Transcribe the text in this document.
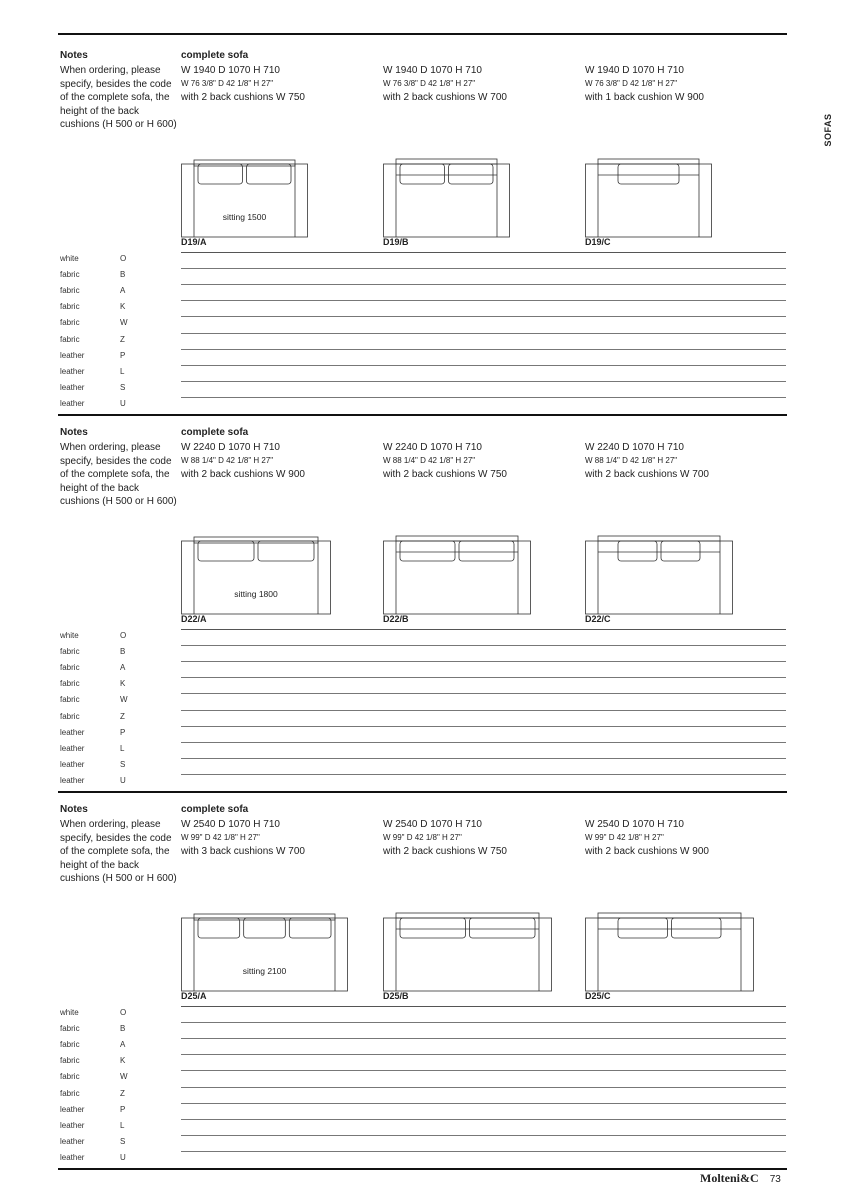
SOFAS
Notes
When ordering, please specify, besides the code of the complete sofa, the height of the back cushions (H 500 or H 600)
complete sofa
W 1940 D 1070 H 710
W 76 3/8" D 42 1/8" H 27"
with 2 back cushions W 750
sitting 1500
D19/A
W 1940 D 1070 H 710
W 76 3/8" D 42 1/8" H 27"
with 2 back cushions W 700
D19/B
W 1940 D 1070 H 710
W 76 3/8" D 42 1/8" H 27"
with 1 back cushion W 900
D19/C
white	O
fabric	B
fabric	A
fabric	K
fabric	W
fabric	Z
leather	P
leather	L
leather	S
leather	U
Notes
When ordering, please specify, besides the code of the complete sofa, the height of the back cushions (H 500 or H 600)
complete sofa
W 2240 D 1070 H 710
W 88 1/4" D 42 1/8" H 27"
with 2 back cushions W 900
sitting 1800
D22/A
W 2240 D 1070 H 710
W 88 1/4" D 42 1/8" H 27"
with 2 back cushions W 750
D22/B
W 2240 D 1070 H 710
W 88 1/4" D 42 1/8" H 27"
with 2 back cushions W 700
D22/C
white	O
fabric	B
fabric	A
fabric	K
fabric	W
fabric	Z
leather	P
leather	L
leather	S
leather	U
Notes
When ordering, please specify, besides the code of the complete sofa, the height of the back cushions (H 500 or H 600)
complete sofa
W 2540 D 1070 H 710
W 99" D 42 1/8" H 27"
with 3 back cushions W 700
sitting 2100
D25/A
W 2540 D 1070 H 710
W 99" D 42 1/8" H 27"
with 2 back cushions W 750
D25/B
W 2540 D 1070 H 710
W 99" D 42 1/8" H 27"
with 2 back cushions W 900
D25/C
white	O
fabric	B
fabric	A
fabric	K
fabric	W
fabric	Z
leather	P
leather	L
leather	S
leather	U
Molteni&C 73
